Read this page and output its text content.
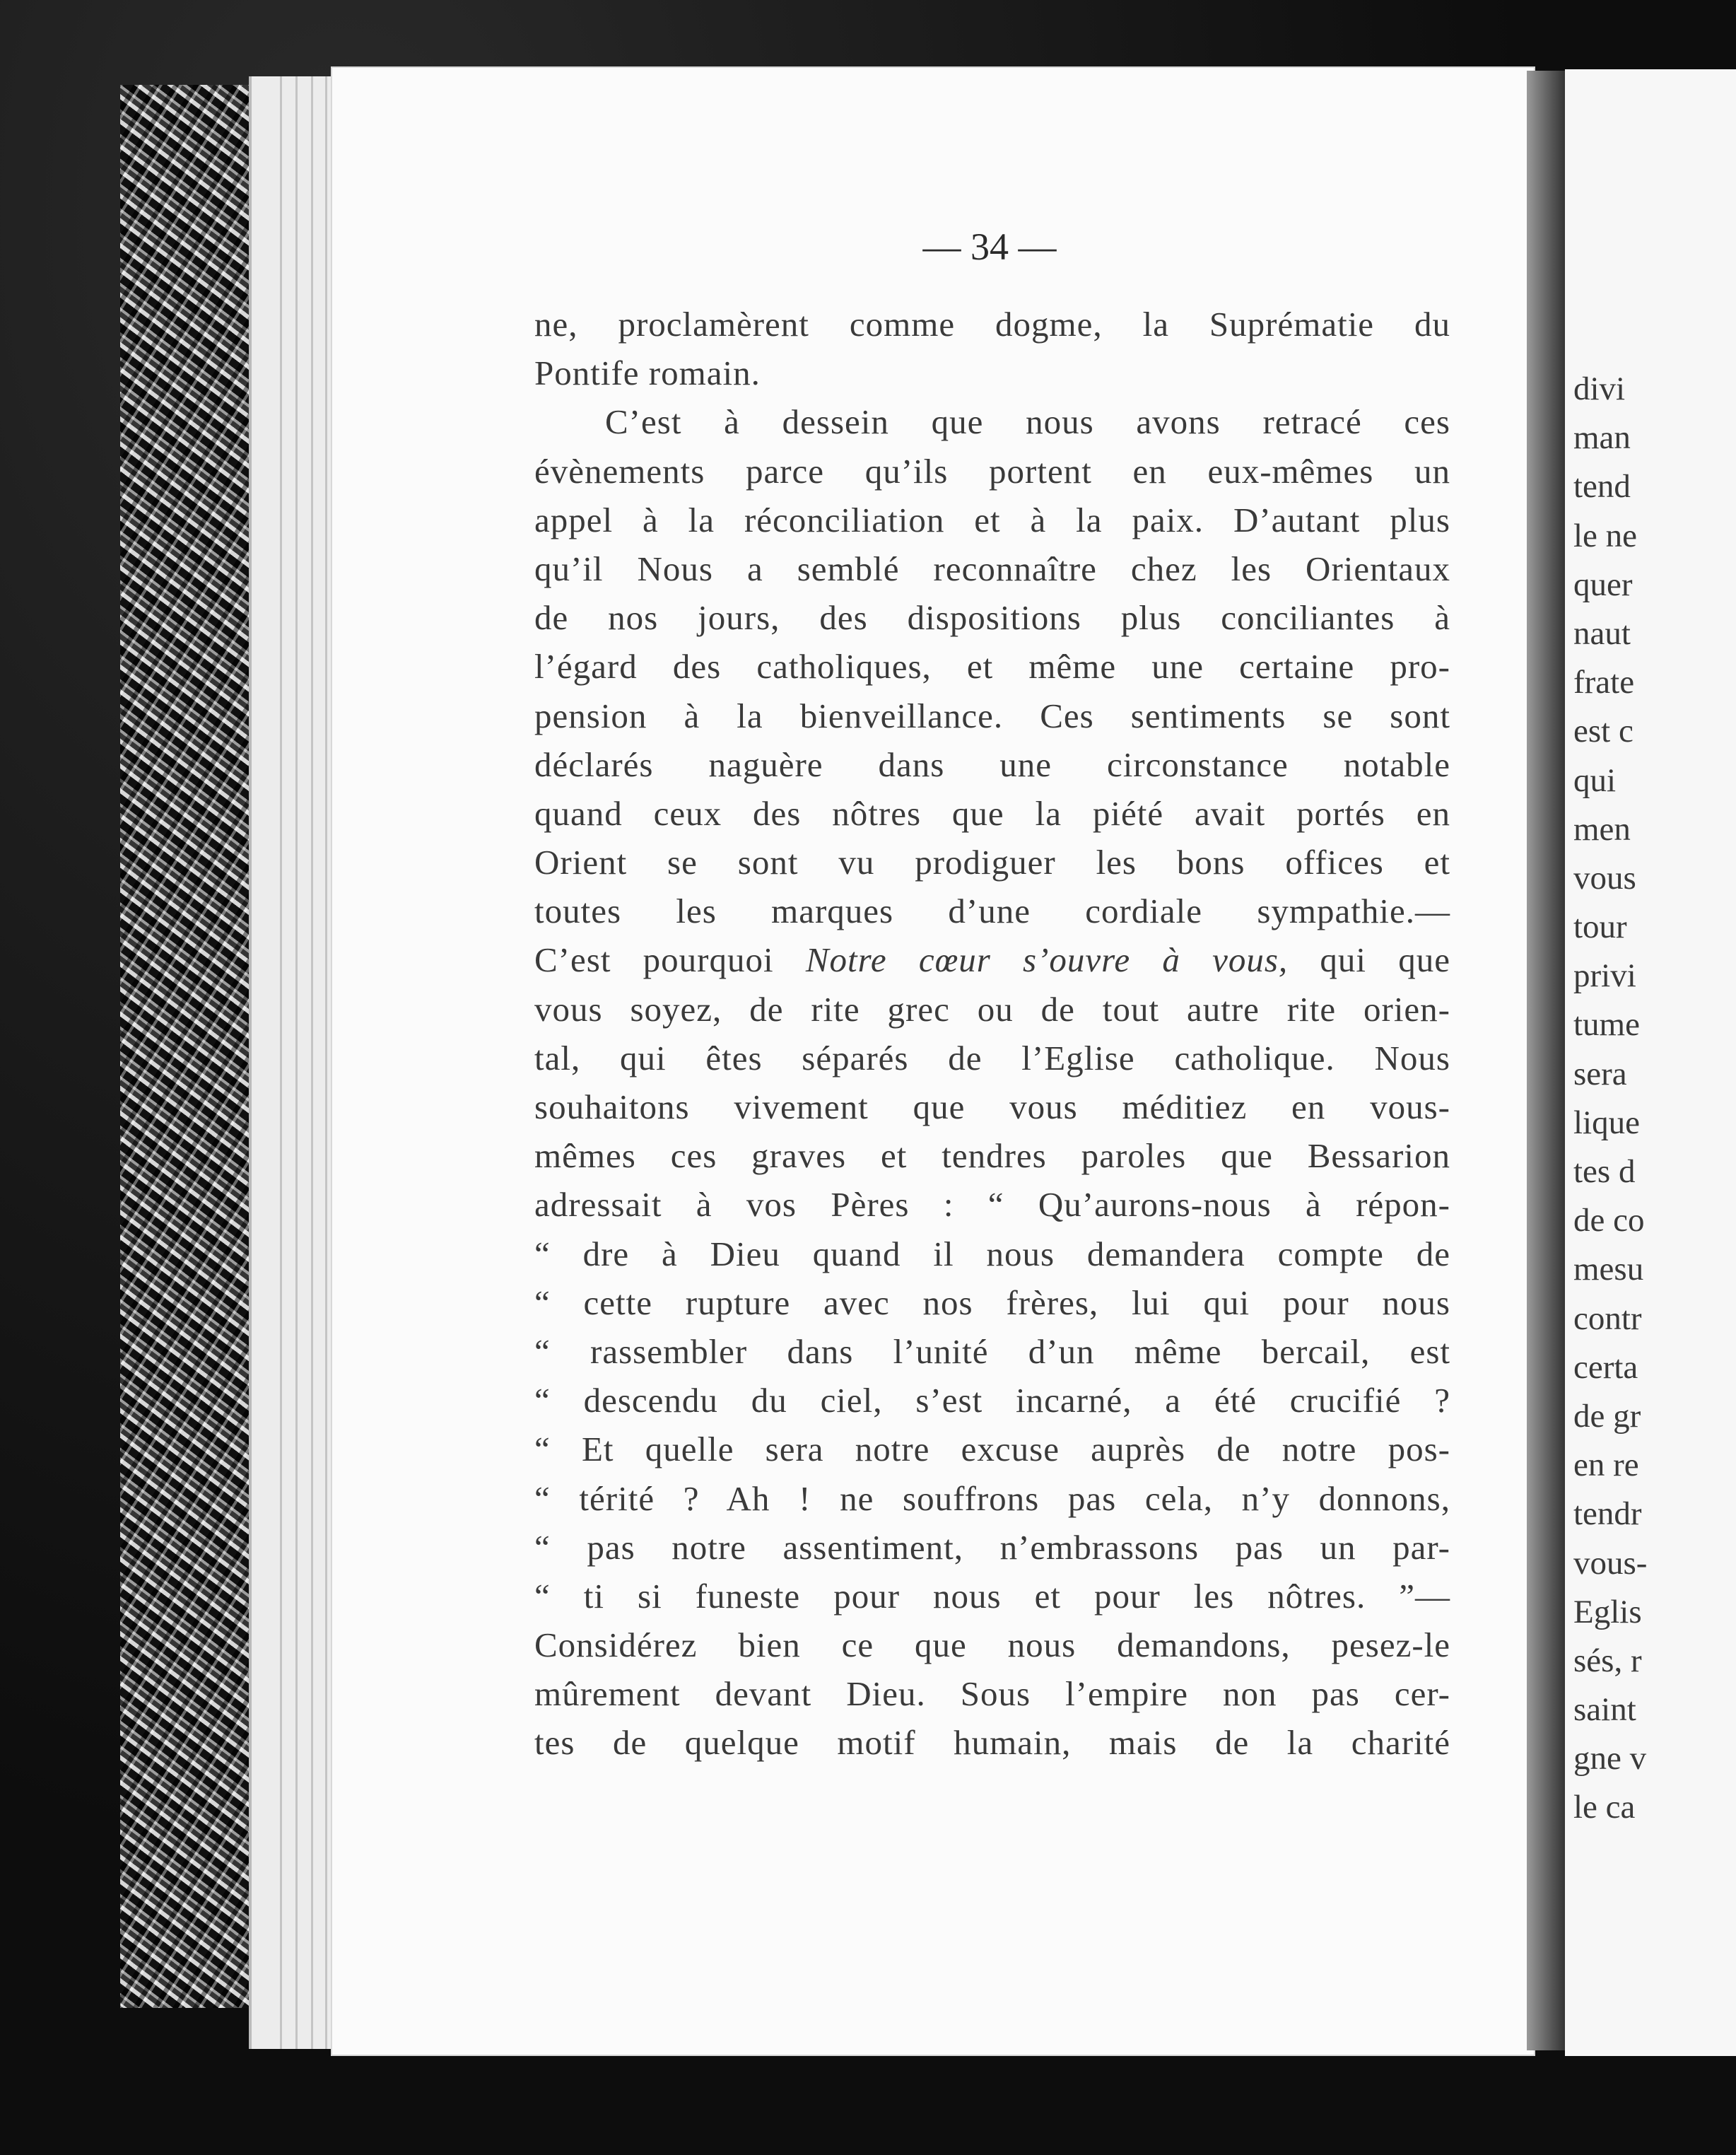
divi
man
tend
le ne
quer
naut
frate
est c
qui
men
vous
tour
privi
tume
sera
lique
tes d
de co
mesu
contr
certa
de gr
en re
tendr
vous-
Eglis
sés, r
saint
gne v
le ca
— 34 —
ne, proclamèrent comme dogme, la Suprématie du
Pontife romain.
C’est à dessein que nous avons retracé ces
évènements parce qu’ils portent en eux-mêmes un
appel à la réconciliation et à la paix. D’autant plus
qu’il Nous a semblé reconnaître chez les Orientaux
de nos jours, des dispositions plus conciliantes à
l’égard des catholiques, et même une certaine pro-
pension à la bienveillance. Ces sentiments se sont
déclarés naguère dans une circonstance notable
quand ceux des nôtres que la piété avait portés en
Orient se sont vu prodiguer les bons offices et
toutes les marques d’une cordiale sympathie.—
C’est pourquoi Notre cœur s’ouvre à vous, qui que
vous soyez, de rite grec ou de tout autre rite orien-
tal, qui êtes séparés de l’Eglise catholique. Nous
souhaitons vivement que vous méditiez en vous-
mêmes ces graves et tendres paroles que Bessarion
adressait à vos Pères : “ Qu’aurons-nous à répon-
“ dre à Dieu quand il nous demandera compte de
“ cette rupture avec nos frères, lui qui pour nous
“ rassembler dans l’unité d’un même bercail, est
“ descendu du ciel, s’est incarné, a été crucifié ?
“ Et quelle sera notre excuse auprès de notre pos-
“ térité ? Ah ! ne souffrons pas cela, n’y donnons,
“ pas notre assentiment, n’embrassons pas un par-
“ ti si funeste pour nous et pour les nôtres. ”—
Considérez bien ce que nous demandons, pesez-le
mûrement devant Dieu. Sous l’empire non pas cer-
tes de quelque motif humain, mais de la charité
